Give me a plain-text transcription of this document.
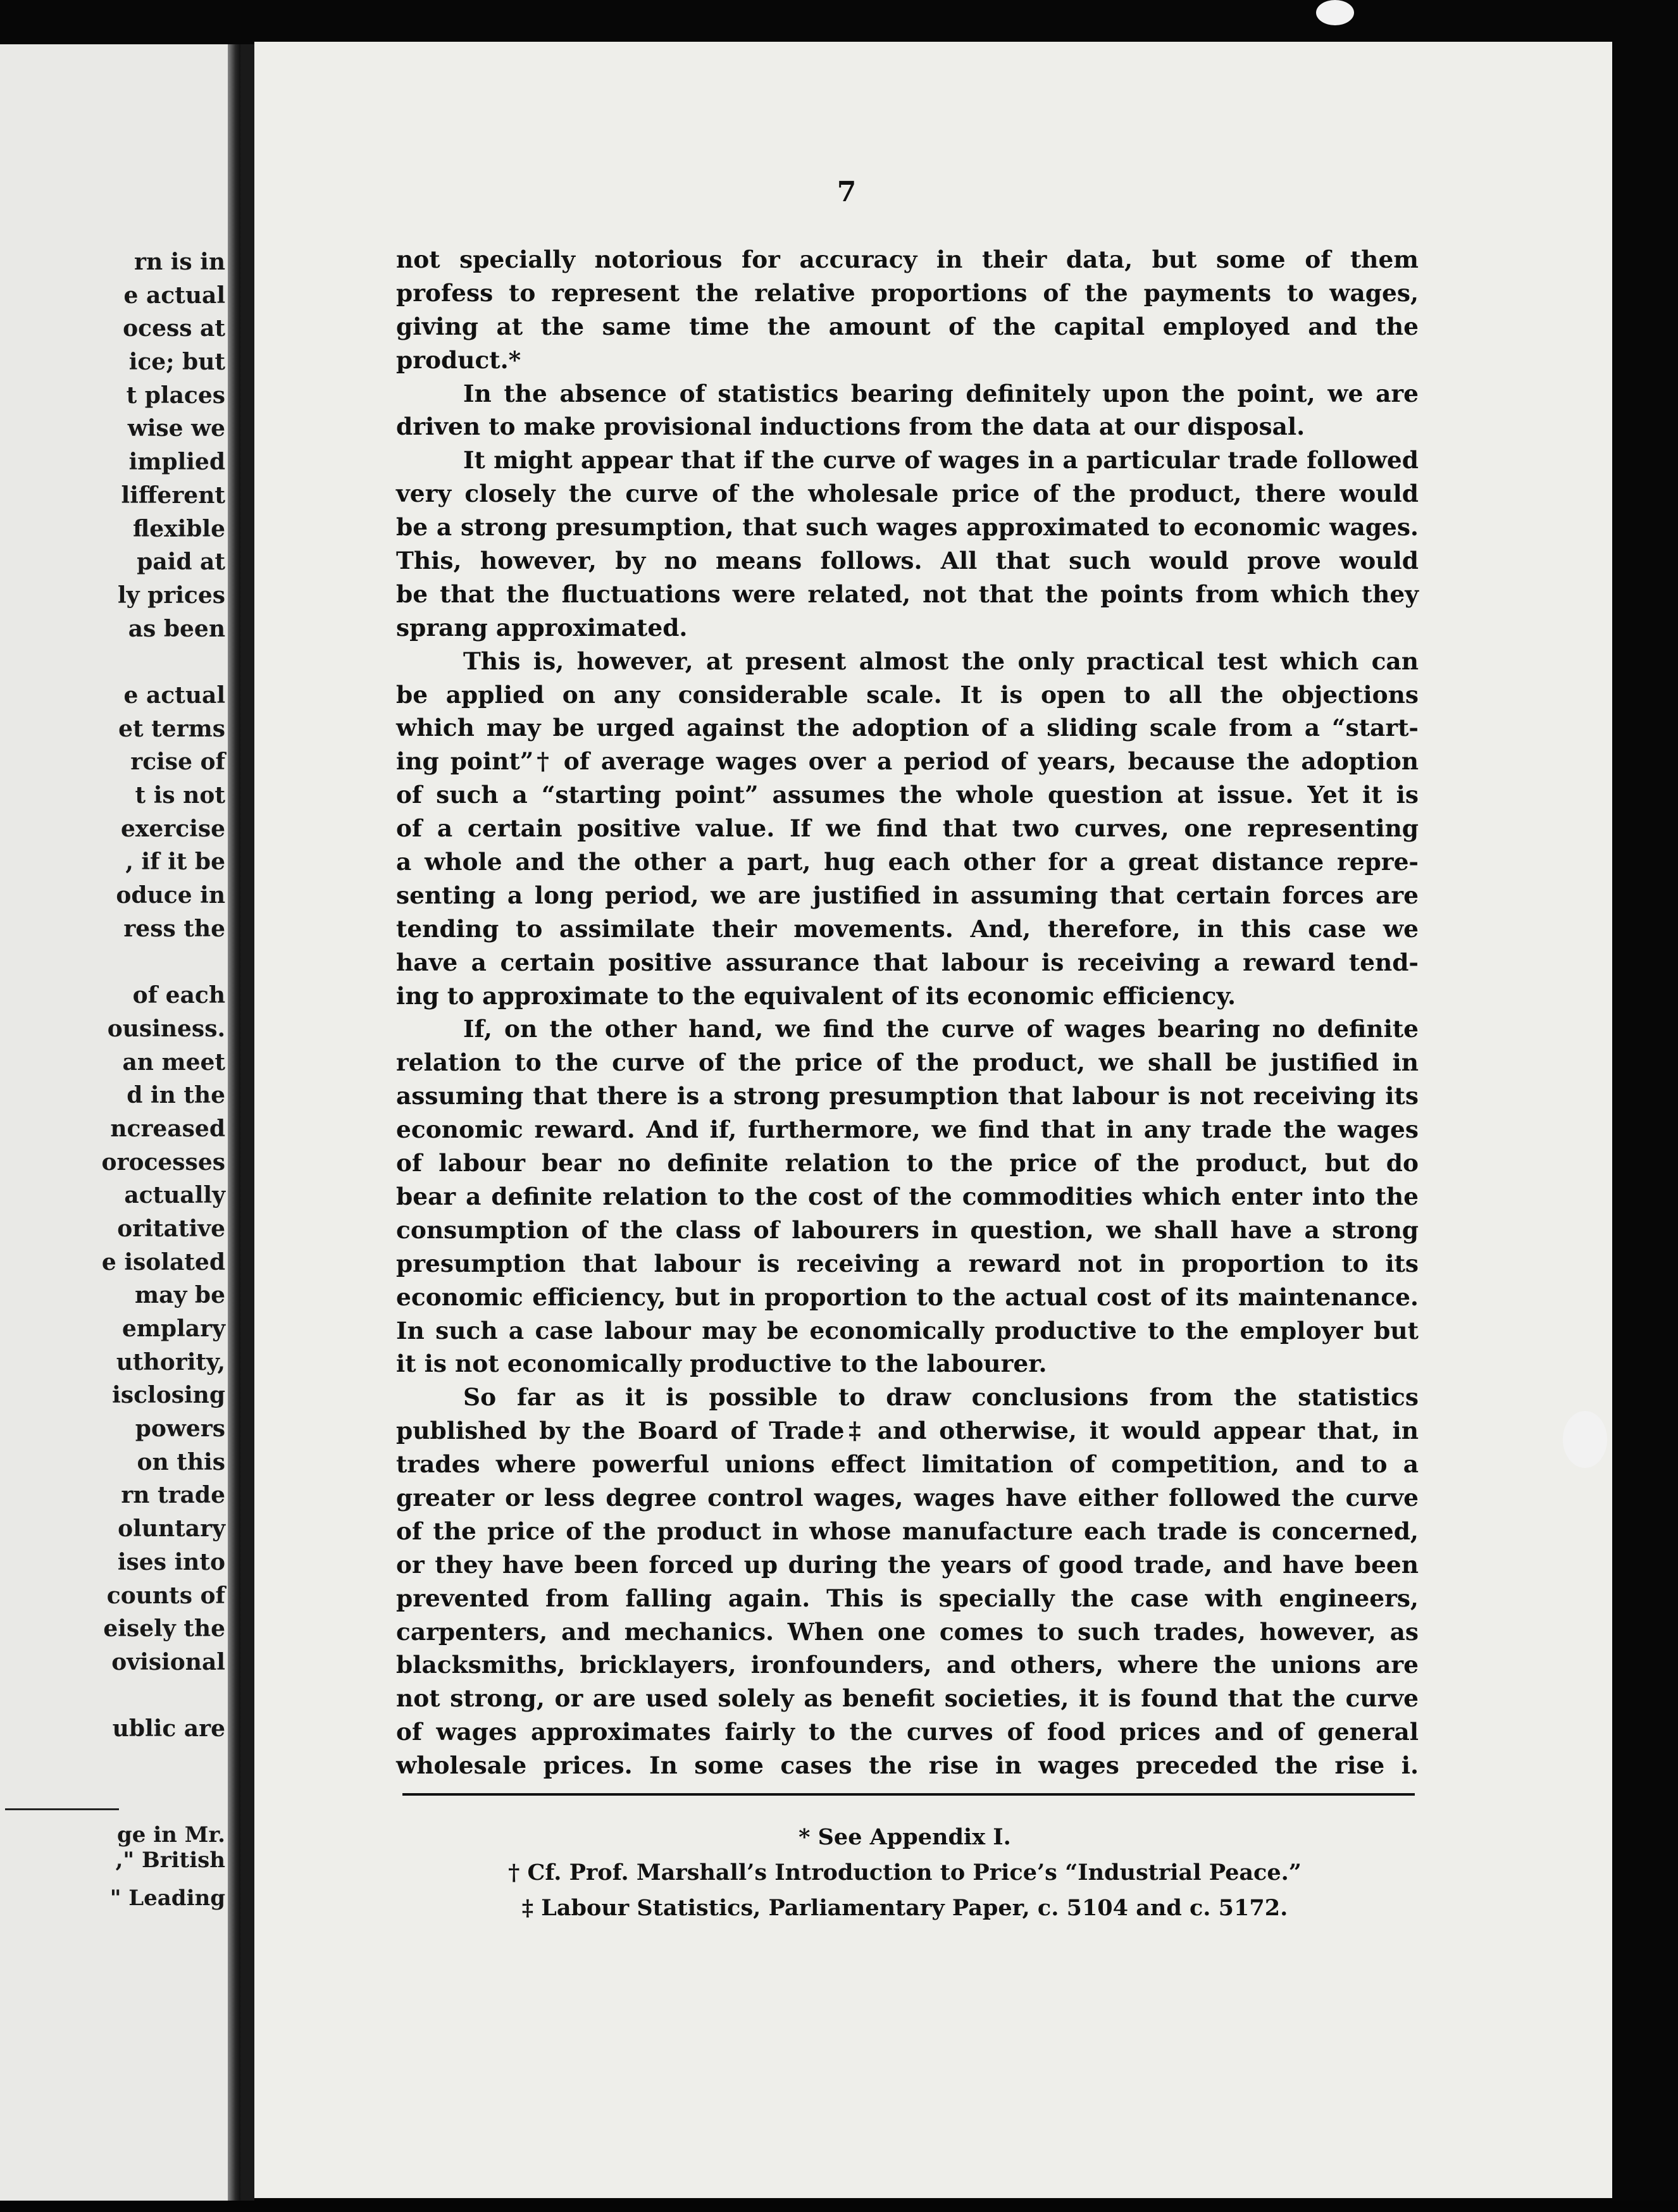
rn is in
e actual
ocess at
ice; but
t places
wise we
implied
lifferent
flexible
paid at
ly prices
as been
e actual
et terms
rcise of
t is not
exercise
, if it be
oduce in
ress the
of each
ousiness.
an meet
d in the
ncreased
orocesses
actually
oritative
e isolated
may be
emplary
uthority,
isclosing
powers
on this
rn trade
oluntary
ises into
counts of
eisely the
ovisional
ublic are
ge in Mr.
," British
" Leading
7
not specially notorious for accuracy in their data, but some of them
profess to represent the relative proportions of the payments to wages,
giving at the same time the amount of the capital employed and the
product.*
In the absence of statistics bearing definitely upon the point, we are
driven to make provisional inductions from the data at our disposal.
It might appear that if the curve of wages in a particular trade followed
very closely the curve of the wholesale price of the product, there would
be a strong presumption, that such wages approximated to economic wages.
This, however, by no means follows. All that such would prove would
be that the fluctuations were related, not that the points from which they
sprang approximated.
This is, however, at present almost the only practical test which can
be applied on any considerable scale. It is open to all the objections
which may be urged against the adoption of a sliding scale from a “start-
ing point”† of average wages over a period of years, because the adoption
of such a “starting point” assumes the whole question at issue. Yet it is
of a certain positive value. If we find that two curves, one representing
a whole and the other a part, hug each other for a great distance repre-
senting a long period, we are justified in assuming that certain forces are
tending to assimilate their movements. And, therefore, in this case we
have a certain positive assurance that labour is receiving a reward tend-
ing to approximate to the equivalent of its economic efficiency.
If, on the other hand, we find the curve of wages bearing no definite
relation to the curve of the price of the product, we shall be justified in
assuming that there is a strong presumption that labour is not receiving its
economic reward. And if, furthermore, we find that in any trade the wages
of labour bear no definite relation to the price of the product, but do
bear a definite relation to the cost of the commodities which enter into the
consumption of the class of labourers in question, we shall have a strong
presumption that labour is receiving a reward not in proportion to its
economic efficiency, but in proportion to the actual cost of its maintenance.
In such a case labour may be economically productive to the employer but
it is not economically productive to the labourer.
So far as it is possible to draw conclusions from the statistics
published by the Board of Trade‡ and otherwise, it would appear that, in
trades where powerful unions effect limitation of competition, and to a
greater or less degree control wages, wages have either followed the curve
of the price of the product in whose manufacture each trade is concerned,
or they have been forced up during the years of good trade, and have been
prevented from falling again. This is specially the case with engineers,
carpenters, and mechanics. When one comes to such trades, however, as
blacksmiths, bricklayers, ironfounders, and others, where the unions are
not strong, or are used solely as benefit societies, it is found that the curve
of wages approximates fairly to the curves of food prices and of general
wholesale prices. In some cases the rise in wages preceded the rise i.
* See Appendix I.
† Cf. Prof. Marshall’s Introduction to Price’s “Industrial Peace.”
‡ Labour Statistics, Parliamentary Paper, c. 5104 and c. 5172.
